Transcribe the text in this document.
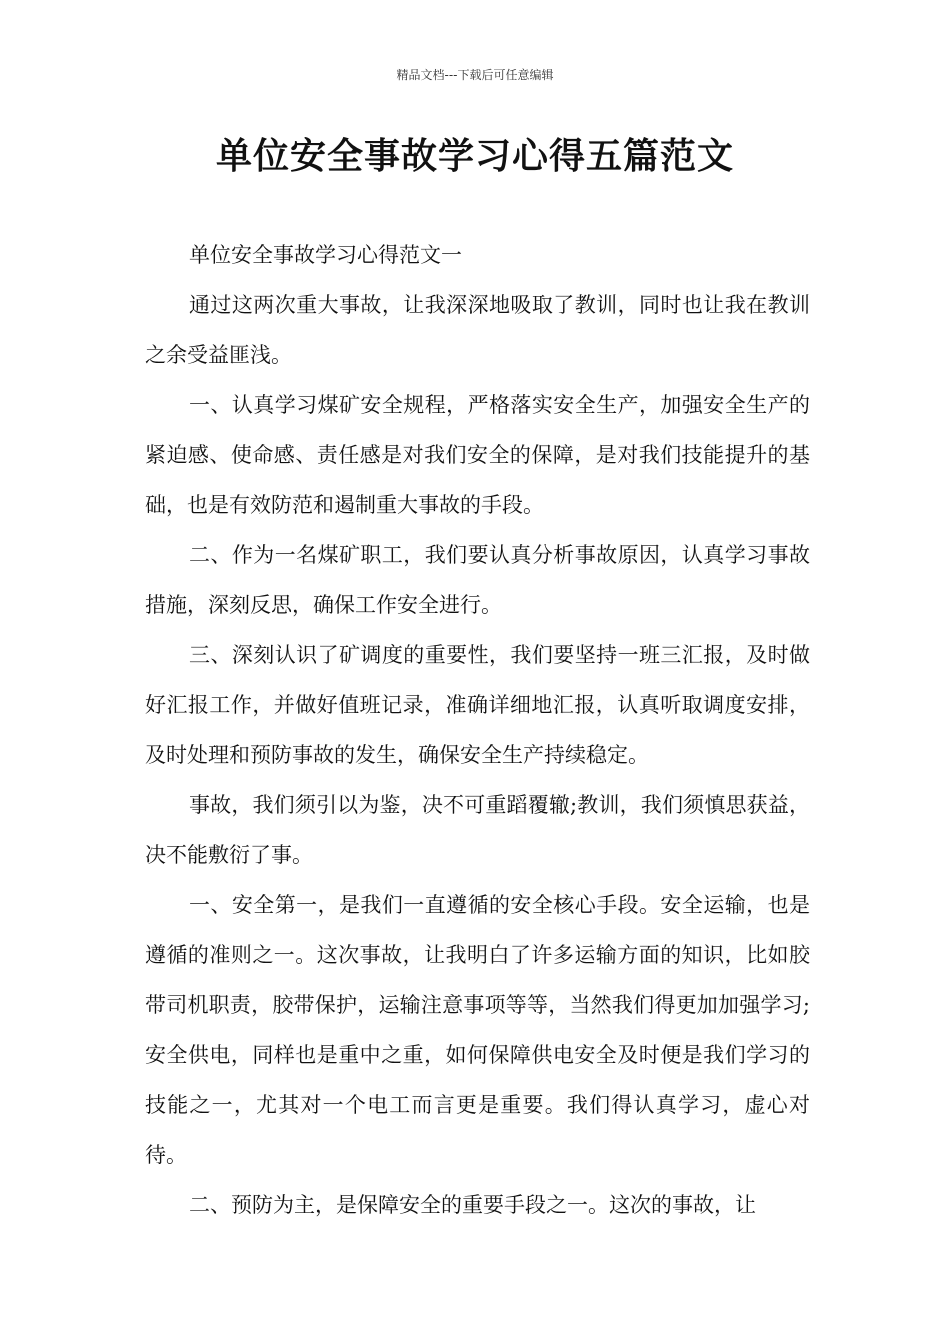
精品文档---下载后可任意编辑
单位安全事故学习心得五篇范文

单位安全事故学习心得范文一

通过这两次重大事故，让我深深地吸取了教训，同时也让我在教训之余受益匪浅。

一、认真学习煤矿安全规程，严格落实安全生产，加强安全生产的紧迫感、使命感、责任感是对我们安全的保障，是对我们技能提升的基础，也是有效防范和遏制重大事故的手段。

二、作为一名煤矿职工，我们要认真分析事故原因，认真学习事故措施，深刻反思，确保工作安全进行。

三、深刻认识了矿调度的重要性，我们要坚持一班三汇报，及时做好汇报工作，并做好值班记录，准确详细地汇报，认真听取调度安排，及时处理和预防事故的发生，确保安全生产持续稳定。

事故，我们须引以为鉴，决不可重蹈覆辙;教训，我们须慎思获益，决不能敷衍了事。

一、安全第一，是我们一直遵循的安全核心手段。安全运输，也是遵循的准则之一。这次事故，让我明白了许多运输方面的知识，比如胶带司机职责，胶带保护，运输注意事项等等，当然我们得更加加强学习;安全供电，同样也是重中之重，如何保障供电安全及时便是我们学习的技能之一，尤其对一个电工而言更是重要。我们得认真学习，虚心对待。

二、预防为主，是保障安全的重要手段之一。这次的事故，让
